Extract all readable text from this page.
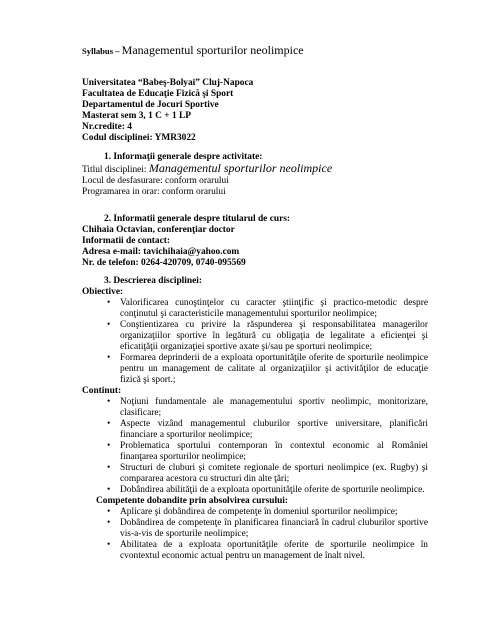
Syllabus – Managementul sporturilor neolimpice
Universitatea “Babeş-Bolyai” Cluj-Napoca
Facultatea de Educaţie Fizică şi Sport
Departamentul de Jocuri Sportive
Masterat sem 3, 1 C + 1 LP
Nr.credite: 4
Codul disciplinei: YMR3022
1. Informaţii generale despre activitate:
Titlul disciplinei: Managementul sporturilor neolimpice
Locul de desfasurare: conform orarului
Programarea in orar: conform orarului
2. Informatii generale despre titularul de curs:
Chihaia Octavian, conferenţiar doctor
Informatii de contact:
Adresa e-mail: tavichihaia@yahoo.com
Nr. de telefon: 0264-420709, 0740-095569
3. Descrierea disciplinei:
Obiective:
• Valorificarea cunoştinţelor cu caracter ştiinţific şi practico-metodic despre conţinutul şi caracteristicile managementului sporturilor neolimpice;
• Conştientizarea cu privire la răspunderea şi responsabilitatea managerilor organizaţiilor sportive în legătură cu obligaţia de legalitate a eficienţei şi eficatiţăţii organizaţiei sportive axate şi/sau pe sporturi neolimpice;
• Formarea deprinderii de a exploata oportunităţile oferite de sporturile neolimpice pentru un management de calitate al organizaţiilor şi activităţilor de educaţie fizică şi sport.;
Continut:
• Noţiuni fundamentale ale managementului sportiv neolimpic, monitorizare, clasificare;
• Aspecte vizând managementul cluburilor sportive universitare, planificări financiare a sporturilor neolimpice;
• Problematica sportului contemporan în contextul economic al României finanţarea sporturilor neolimpice;
• Structuri de cluburi şi comitete regionale de sporturi neolimpice (ex. Rugby) şi compararea acestora cu structuri din alte ţări;
• Dobândirea abilităţii de a exploata oportunităţile oferite de sporturile neolimpice.
Competente dobandite prin absolvirea cursului:
• Aplicare şi dobândirea de competenţe în domeniul sporturilor neolimpice;
• Dobândirea de competenţe în planificarea financiară în cadrul cluburilor sportive vis-a-vis de sporturile neolimpice;
• Abilitatea de a exploata oportunităţile oferite de sporturile neolimpice în cvontextul economic actual pentru un management de înalt nivel.
